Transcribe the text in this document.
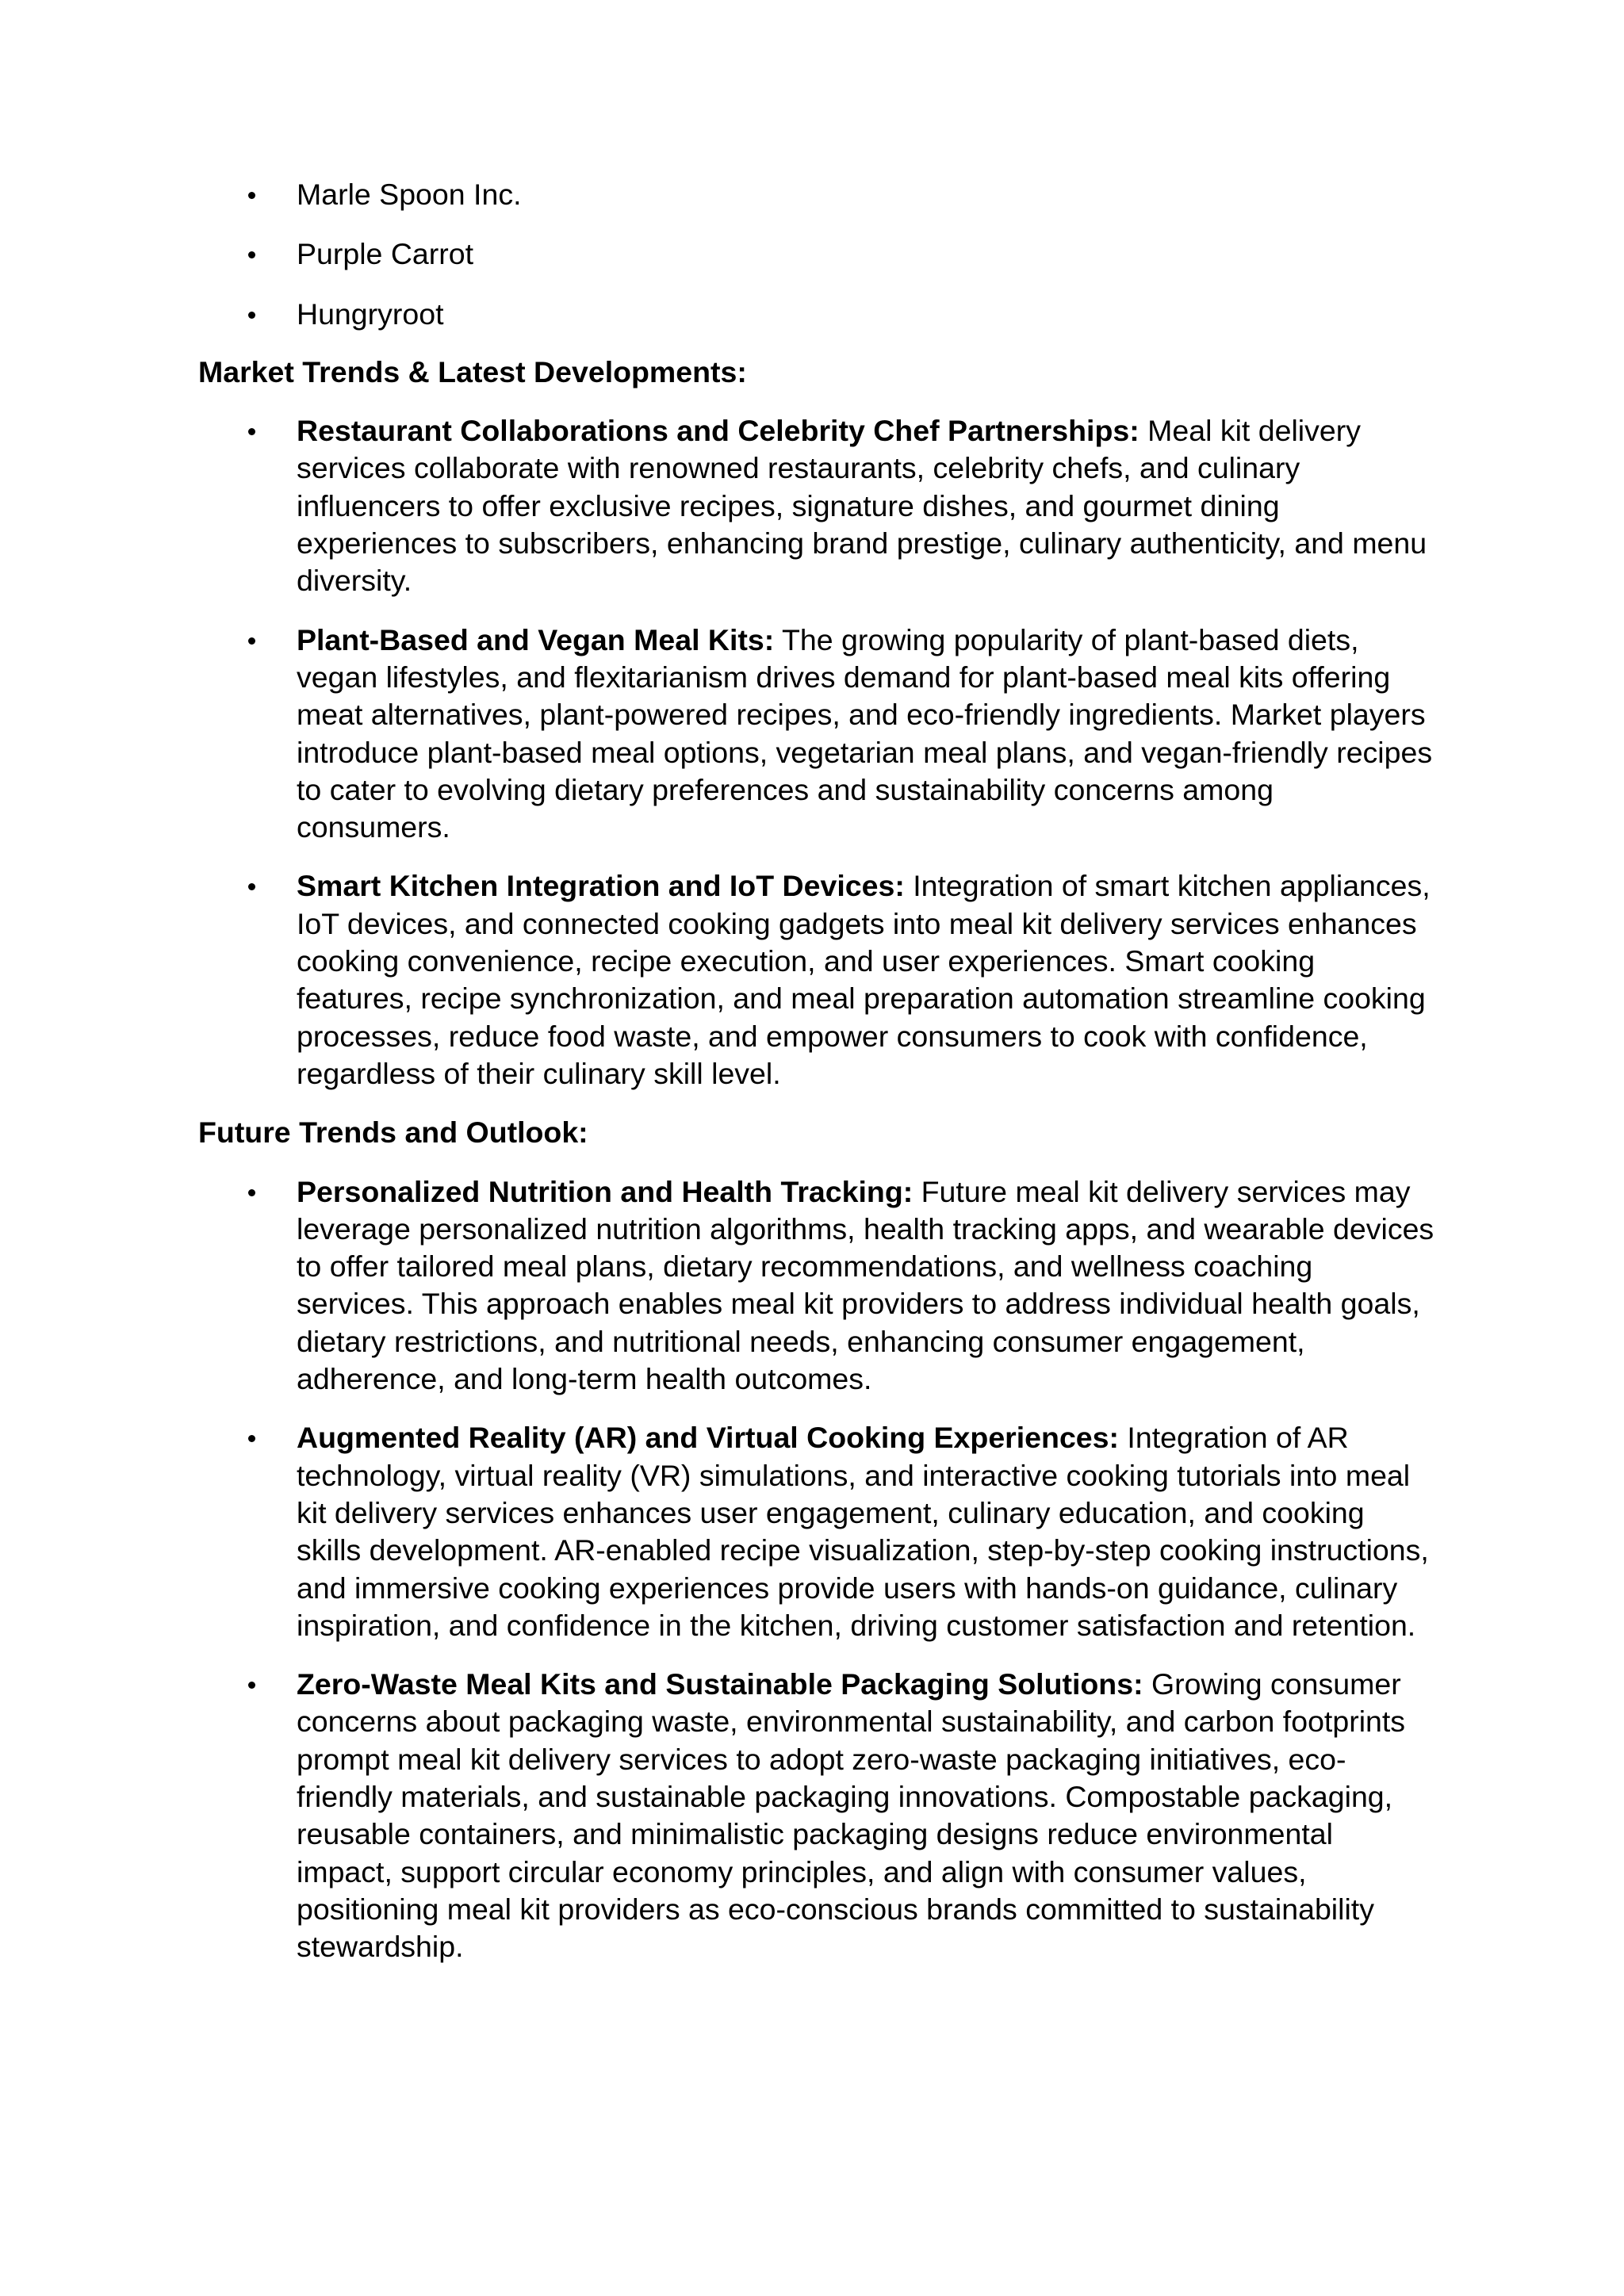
Marle Spoon Inc.
Purple Carrot
Hungryroot
Market Trends & Latest Developments:
Restaurant Collaborations and Celebrity Chef Partnerships: Meal kit delivery services collaborate with renowned restaurants, celebrity chefs, and culinary influencers to offer exclusive recipes, signature dishes, and gourmet dining experiences to subscribers, enhancing brand prestige, culinary authenticity, and menu diversity.
Plant-Based and Vegan Meal Kits: The growing popularity of plant-based diets, vegan lifestyles, and flexitarianism drives demand for plant-based meal kits offering meat alternatives, plant-powered recipes, and eco-friendly ingredients. Market players introduce plant-based meal options, vegetarian meal plans, and vegan-friendly recipes to cater to evolving dietary preferences and sustainability concerns among consumers.
Smart Kitchen Integration and IoT Devices: Integration of smart kitchen appliances, IoT devices, and connected cooking gadgets into meal kit delivery services enhances cooking convenience, recipe execution, and user experiences. Smart cooking features, recipe synchronization, and meal preparation automation streamline cooking processes, reduce food waste, and empower consumers to cook with confidence, regardless of their culinary skill level.
Future Trends and Outlook:
Personalized Nutrition and Health Tracking: Future meal kit delivery services may leverage personalized nutrition algorithms, health tracking apps, and wearable devices to offer tailored meal plans, dietary recommendations, and wellness coaching services. This approach enables meal kit providers to address individual health goals, dietary restrictions, and nutritional needs, enhancing consumer engagement, adherence, and long-term health outcomes.
Augmented Reality (AR) and Virtual Cooking Experiences: Integration of AR technology, virtual reality (VR) simulations, and interactive cooking tutorials into meal kit delivery services enhances user engagement, culinary education, and cooking skills development. AR-enabled recipe visualization, step-by-step cooking instructions, and immersive cooking experiences provide users with hands-on guidance, culinary inspiration, and confidence in the kitchen, driving customer satisfaction and retention.
Zero-Waste Meal Kits and Sustainable Packaging Solutions: Growing consumer concerns about packaging waste, environmental sustainability, and carbon footprints prompt meal kit delivery services to adopt zero-waste packaging initiatives, eco-friendly materials, and sustainable packaging innovations. Compostable packaging, reusable containers, and minimalistic packaging designs reduce environmental impact, support circular economy principles, and align with consumer values, positioning meal kit providers as eco-conscious brands committed to sustainability stewardship.
